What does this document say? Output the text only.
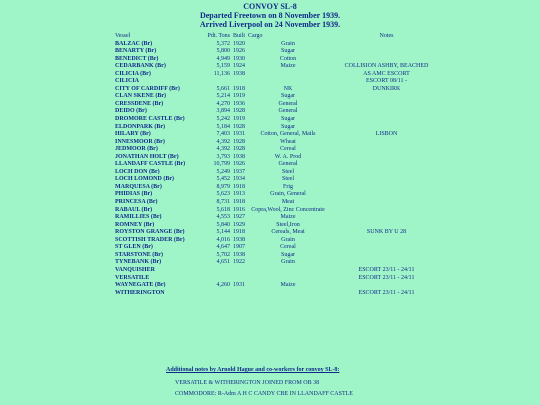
CONVOY SL-8
Departed Freetown on 8 November 1939.
Arrived Liverpool on 24 November 1939.
Vessel	Pdt. Tons	Built	Cargo	Notes
BALZAC (Br)	5,372	1920	Grain	
BENARTY (Br)	5,800	1926	Sugar	
BENEDICT (Br)	4,949	1930	Cotton	
CEDARBANK (Br)	5,159	1924	Maize	COLLISION ASHBY, BEACHED
CILICIA (Br)	11,136	1938		AS AMC ESCORT
CILICIA				ESCORT 08/11 -
CITY OF CARDIFF (Br)	5,661	1918	NK	DUNKIRK
CLAN SKENE (Br)	5,214	1919	Sugar	
CRESSDENE (Br)	4,270	1936	General	
DEIDO (Br)	3,894	1928	General	
DROMORE CASTLE (Br)	5,242	1919	Sugar	
ELDONPARK (Br)	5,184	1928	Sugar	
HILARY (Br)	7,403	1931	Cotton, General, Mails	LISBON
INNESMOOR (Br)	4,392	1928	Wheat	
JEDMOOR (Br)	4,392	1928	Cereal	
JONATHAN HOLT (Br)	3,793	1938	W. A. Prod	
LLANDAFF CASTLE (Br)	10,799	1926	General	
LOCH DON (Br)	5,249	1937	Steel	
LOCH LOMOND (Br)	5,452	1934	Steel	
MARQUESA (Br)	8,979	1918	Frig	
PHIDIAS (Br)	5,623	1913	Grain, General	
PRINCESA (Br)	8,731	1918	Meat	
RABAUL (Br)	5,618	1916	Copra,Wool, Zinc Concentrate	
RAMILLIES (Br)	4,553	1927	Maize	
ROMNEY (Br)	5,840	1929	Steel,Iron	
ROYSTON GRANGE (Br)	5,144	1918	Cereals, Meat	SUNK BY U 28
SCOTTISH TRADER (Br)	4,016	1938	Grain	
ST GLEN (Br)	4,647	1907	Cereal	
STARSTONE (Br)	5,702	1938	Sugar	
TYNEBANK (Br)	4,651	1922	Grain	
VANQUISHER				ESCORT 23/11 - 24/11
VERSATILE				ESCORT 23/11 - 24/11
WAYNEGATE (Br)	4,260	1931	Maize	
WITHERINGTON				ESCORT 23/11 - 24/11
Additional notes by Arnold Hague and co-workers for convoy SL-8:
VERSATILE & WITHERINGTON JOINED FROM OB 38
COMMODORE: R-Adm A H C CANDY CBE IN LLANDAFF CASTLE
